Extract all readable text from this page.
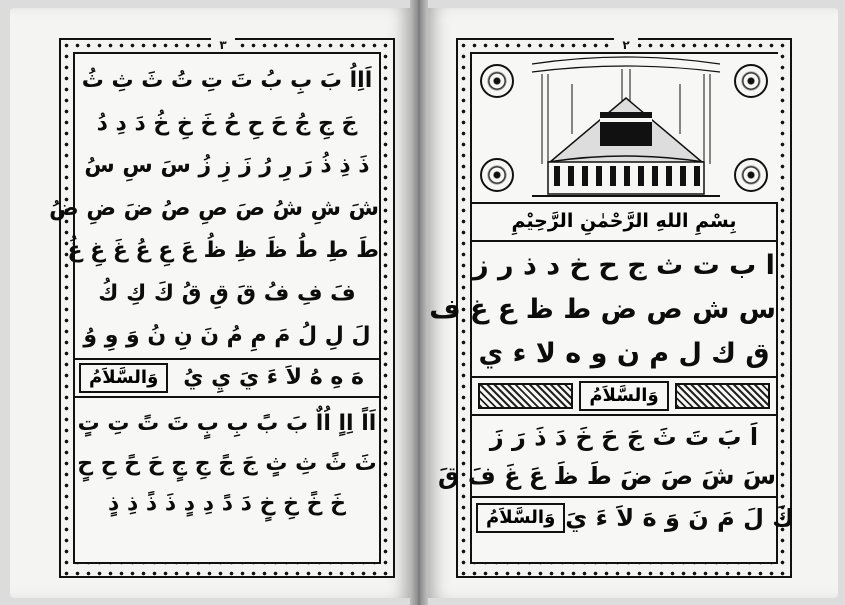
٣
اَاِاُ بَ بِ بُ تَ تِ تُ ثَ ثِ ثُ
جَ جِ جُ حَ حِ حُ خَ خِ خُ دَ دِ دُ
ذَ ذِ ذُ رَ رِ رُ زَ زِ زُ سَ سِ سُ
شَ شِ شُ صَ صِ صُ ضَ ضِ ضُ
طَ طِ طُ ظَ ظِ ظُ عَ عِ عُ غَ غِ غُ
فَ فِ فُ قَ قِ قُ كَ كِ كُ
لَ لِ لُ مَ مِ مُ نَ نِ نُ وَ وِ وُ
وَالسَّلاَمُ	هَ هِ هُ لاَ ءَ يَ يِ يُ
اَاً اِاٍ اُاٌ بَ بً بِ بٍ تَ تً تِ تٍ
ثَ ثً ثِ ثٍ جَ جً جِ جٍ حَ حً حِ حٍ
خَ خً خِ خٍ دَ دً دِ دٍ ذَ ذً ذِ ذٍ
٢
بِسْمِ اللهِ الرَّحْمٰنِ الرَّحِيْمِ
ا ب ت ث ج ح خ د ذ ر ز
س ش ص ض ط ظ ع غ ف
ق ك ل م ن و ه لا ء ي
وَالسَّلاَمُ
اَ بَ تَ ثَ جَ حَ خَ دَ ذَ رَ زَ
سَ شَ صَ ضَ طَ ظَ عَ غَ فَ قَ
وَالسَّلاَمُ كَ لَ مَ نَ وَ هَ لاَ ءَ يَ
